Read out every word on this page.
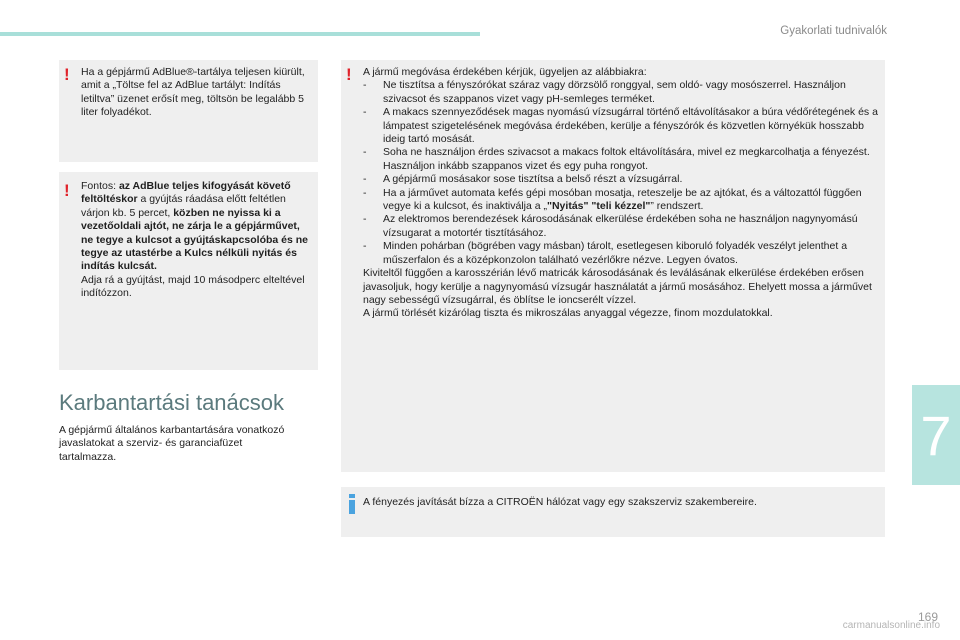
Gyakorlati tudnivalók
! Ha a gépjármű AdBlue®-tartálya teljesen kiürült, amit a „Töltse fel az AdBlue tartályt: Indítás letiltva” üzenet erősít meg, töltsön be legalább 5 liter folyadékot.
! Fontos: az AdBlue teljes kifogyását követő feltöltéskor a gyújtás ráadása előtt feltétlen várjon kb. 5 percet, közben ne nyissa ki a vezetőoldali ajtót, ne zárja le a gépjárművet, ne tegye a kulcsot a gyújtáskapcsolóba és ne tegye az utastérbe a Kulcs nélküli nyitás és indítás kulcsát.
Adja rá a gyújtást, majd 10 másodperc elteltével indítózzon.
Karbantartási tanácsok
A gépjármű általános karbantartására vonatkozó javaslatokat a szerviz- és garanciafüzet tartalmazza.
! A jármű megóvása érdekében kérjük, ügyeljen az alábbiakra:
- Ne tisztítsa a fényszórókat száraz vagy dörzsölő ronggyal, sem oldó- vagy mosószerrel. Használjon szivacsot és szappanos vizet vagy pH-semleges terméket.
- A makacs szennyeződések magas nyomású vízsugárral történő eltávolításakor a búra védőrétegének és a lámpatest szigetelésének megóvása érdekében, kerülje a fényszórók és közvetlen környékük hosszabb ideig tartó mosását.
- Soha ne használjon érdes szivacsot a makacs foltok eltávolítására, mivel ez megkarcolhatja a fényezést. Használjon inkább szappanos vizet és egy puha rongyot.
- A gépjármű mosásakor sose tisztítsa a belső részt a vízsugárral.
- Ha a járművet automata kefés gépi mosóban mosatja, reteszelje be az ajtókat, és a változattól függően vegye ki a kulcsot, és inaktiválja a „"Nyitás" "teli kézzel"” rendszert.
- Az elektromos berendezések károsodásának elkerülése érdekében soha ne használjon nagynyomású vízsugarat a motortér tisztításához.
- Minden pohárban (bögrében vagy másban) tárolt, esetlegesen kiboruló folyadék veszélyt jelenthet a műszerfalon és a középkonzolon található vezérlőkre nézve. Legyen óvatos.
Kiviteltől függően a karosszérián lévő matricák károsodásának és leválásának elkerülése érdekében erősen javasoljuk, hogy kerülje a nagynyomású vízsugár használatát a jármű mosásához. Ehelyett mossa a járművet nagy sebességű vízsugárral, és öblítse le ioncserélt vízzel.
A jármű törlését kizárólag tiszta és mikroszálas anyaggal végezze, finom mozdulatokkal.
A fényezés javítását bízza a CITROËN hálózat vagy egy szakszerviz szakembereire.
7
169
carmanualsonline.info
